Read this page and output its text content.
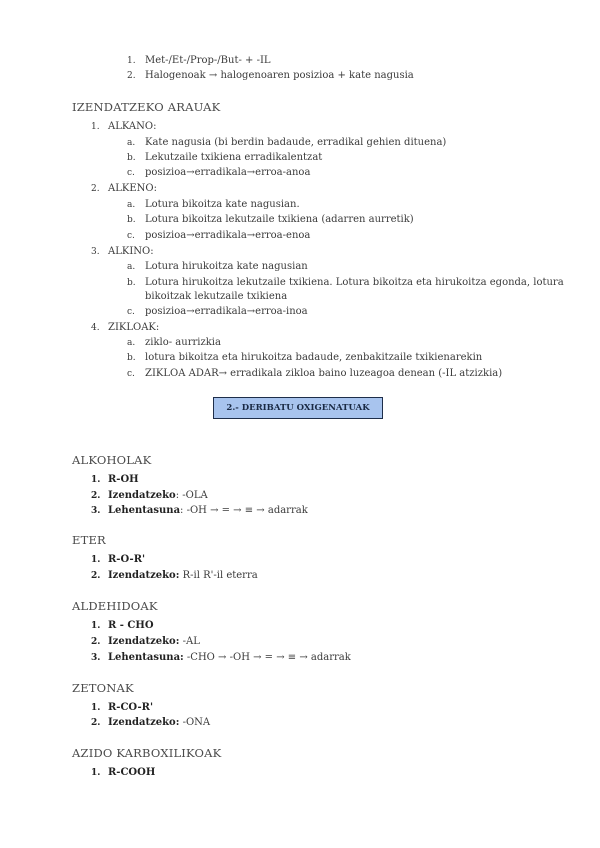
1. Met-/Et-/Prop-/But- + -IL
2. Halogenoak → halogenoaren posizioa + kate nagusia
IZENDATZEKO ARAUAK
1. ALKANO:
a. Kate nagusia (bi berdin badaude, erradikal gehien dituena)
b. Lekutzaile txikiena erradikalentzat
c. posizioa→erradikala→erroa-anoa
2. ALKENO:
a. Lotura bikoitza kate nagusian.
b. Lotura bikoitza lekutzaile txikiena (adarren aurretik)
c. posizioa→erradikala→erroa-enoa
3. ALKINO:
a. Lotura hirukoitza kate nagusian
b. Lotura hirukoitza lekutzaile txikiena. Lotura bikoitza eta hirukoitza egonda, lotura
bikoitzak lekutzaile txikiena
c. posizioa→erradikala→erroa-inoa
4. ZIKLOAK:
a. ziklo- aurrizkia
b. lotura bikoitza eta hirukoitza badaude, zenbakitzaile txikienarekin
c. ZIKLOA ADAR→ erradikala zikloa baino luzeagoa denean (-IL atzizkia)
2.- DERIBATU OXIGENATUAK
ALKOHOLAK
1. R-OH
2. Izendatzeko: -OLA
3. Lehentasuna: -OH → = → ≡ → adarrak
ETER
1. R-O-R'
2. Izendatzeko: R-il R'-il eterra
ALDEHIDOAK
1. R - CHO
2. Izendatzeko: -AL
3. Lehentasuna: -CHO → -OH → = → ≡ → adarrak
ZETONAK
1. R-CO-R'
2. Izendatzeko: -ONA
AZIDO KARBOXILIKOAK
1. R-COOH
